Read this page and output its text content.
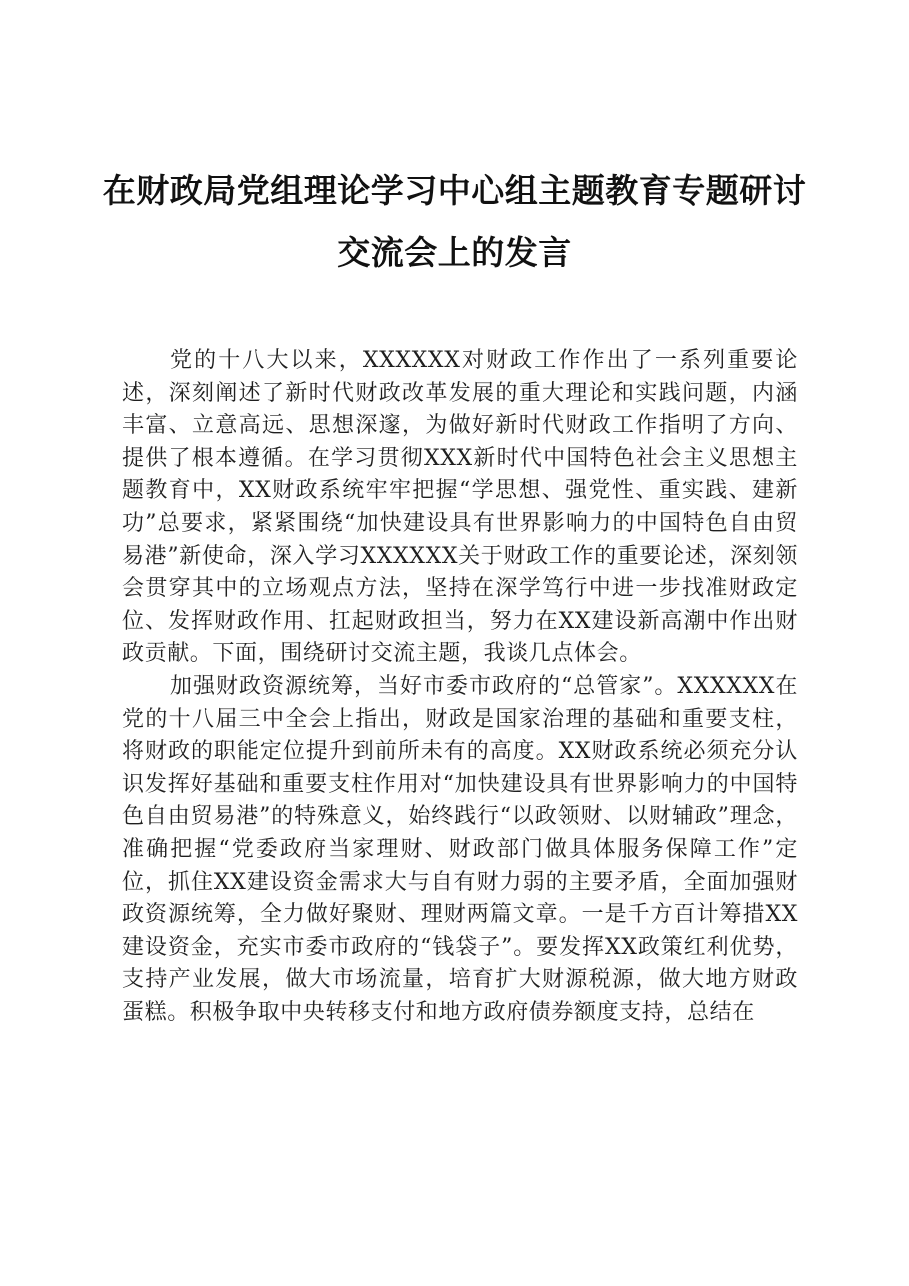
在财政局党组理论学习中心组主题教育专题研讨交流会上的发言

党的十八大以来，XXXXXX对财政工作作出了一系列重要论述，深刻阐述了新时代财政改革发展的重大理论和实践问题，内涵丰富、立意高远、思想深邃，为做好新时代财政工作指明了方向、提供了根本遵循。在学习贯彻XXX新时代中国特色社会主义思想主题教育中，XX财政系统牢牢把握“学思想、强党性、重实践、建新功”总要求，紧紧围绕“加快建设具有世界影响力的中国特色自由贸易港”新使命，深入学习XXXXXX关于财政工作的重要论述，深刻领会贯穿其中的立场观点方法，坚持在深学笃行中进一步找准财政定位、发挥财政作用、扛起财政担当，努力在XX建设新高潮中作出财政贡献。下面，围绕研讨交流主题，我谈几点体会。

加强财政资源统筹，当好市委市政府的“总管家”。XXXXXX在党的十八届三中全会上指出，财政是国家治理的基础和重要支柱，将财政的职能定位提升到前所未有的高度。XX财政系统必须充分认识发挥好基础和重要支柱作用对“加快建设具有世界影响力的中国特色自由贸易港”的特殊意义，始终践行“以政领财、以财辅政”理念，准确把握“党委政府当家理财、财政部门做具体服务保障工作”定位，抓住XX建设资金需求大与自有财力弱的主要矛盾，全面加强财政资源统筹，全力做好聚财、理财两篇文章。一是千方百计筹措XX建设资金，充实市委市政府的“钱袋子”。要发挥XX政策红利优势，支持产业发展，做大市场流量，培育扩大财源税源，做大地方财政蛋糕。积极争取中央转移支付和地方政府债券额度支持，总结在
